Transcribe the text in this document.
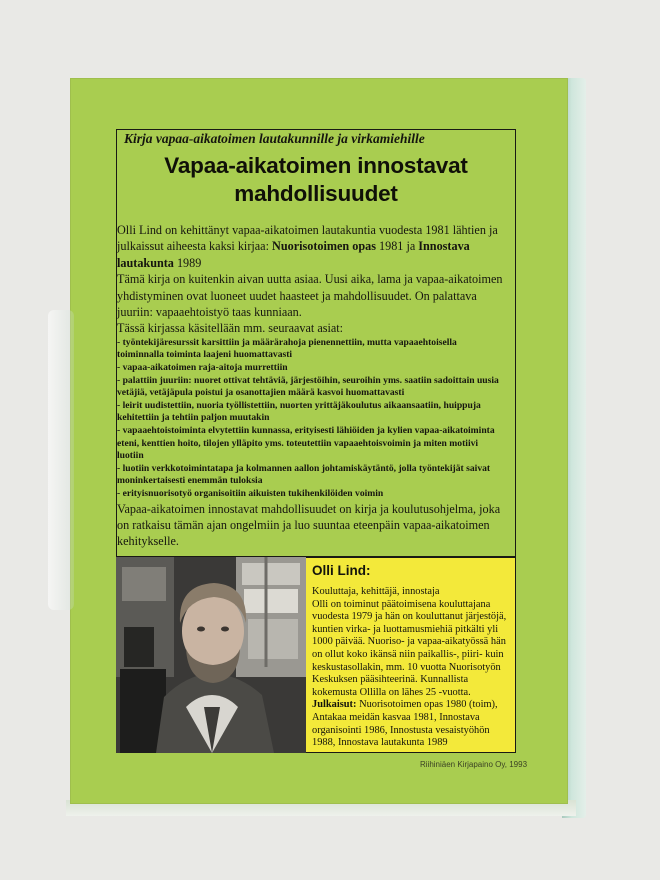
Kirja vapaa-aikatoimen lautakunnille ja virkamiehille
Vapaa-aikatoimen innostavat
mahdollisuudet

Olli Lind on kehittänyt vapaa-aikatoimen lautakuntia vuodesta 1981 lähtien ja julkaissut aiheesta kaksi kirjaa: Nuorisotoimen opas 1981 ja Innostava lautakunta 1989

Tämä kirja on kuitenkin aivan uutta asiaa. Uusi aika, lama ja vapaa-aikatoimen yhdistyminen ovat luoneet uudet haasteet ja mahdollisuudet. On palattava juuriin: vapaaehtoistyö taas kunniaan.

Tässä kirjassa käsitellään mm. seuraavat asiat:

- työntekijäresurssit karsittiin ja määrärahoja pienennettiin, mutta vapaaehtoisella toiminnalla toiminta laajeni huomattavasti
- vapaa-aikatoimen raja-aitoja murrettiin
- palattiin juuriin: nuoret ottivat tehtäviä, järjestöihin, seuroihin yms. saatiin sadoittain uusia vetäjiä, vetäjäpula poistui ja osanottajien määrä kasvoi huomattavasti
- leirit uudistettiin, nuoria työllistettiin, nuorten yrittäjäkoulutus aikaansaatiin, huippuja kehitettiin ja tehtiin paljon muutakin
- vapaaehtoistoiminta elvytettiin kunnassa, erityisesti lähiöiden ja kylien vapaa-aikatoiminta eteni, kenttien hoito, tilojen ylläpito yms. toteutettiin vapaaehtoisvoimin ja miten motiivi luotiin
- luotiin verkkotoimintatapa ja kolmannen aallon johtamiskäytäntö, jolla työntekijät saivat moninkertaisesti enemmän tuloksia
- erityisnuorisotyö organisoitiin aikuisten tukihenkilöiden voimin

Vapaa-aikatoimen innostavat mahdollisuudet on kirja ja koulutusohjelma, joka on ratkaisu tämän ajan ongelmiin ja luo suuntaa eteenpäin vapaa-aikatoimen kehitykselle.

Olli Lind:

Kouluttaja, kehittäjä, innostaja

Olli on toiminut päätoimisena kouluttajana vuodesta 1979 ja hän on kouluttanut järjestöjä, kuntien virka- ja luottamusmiehiä pitkälti yli 1000 päivää. Nuoriso- ja vapaa-aikatyössä hän on ollut koko ikänsä niin paikallis-, piiri- kuin keskustasollakin, mm. 10 vuotta Nuorisotyön Keskuksen pääsihteerinä. Kunnallista kokemusta Ollilla on lähes 25 -vuotta.

Julkaisut: Nuorisotoimen opas 1980 (toim), Antakaa meidän kasvaa 1981, Innostava organisointi 1986, Innostusta vesaistyöhön 1988, Innostava lautakunta 1989

Riihiniäen Kirjapaino Oy, 1993
